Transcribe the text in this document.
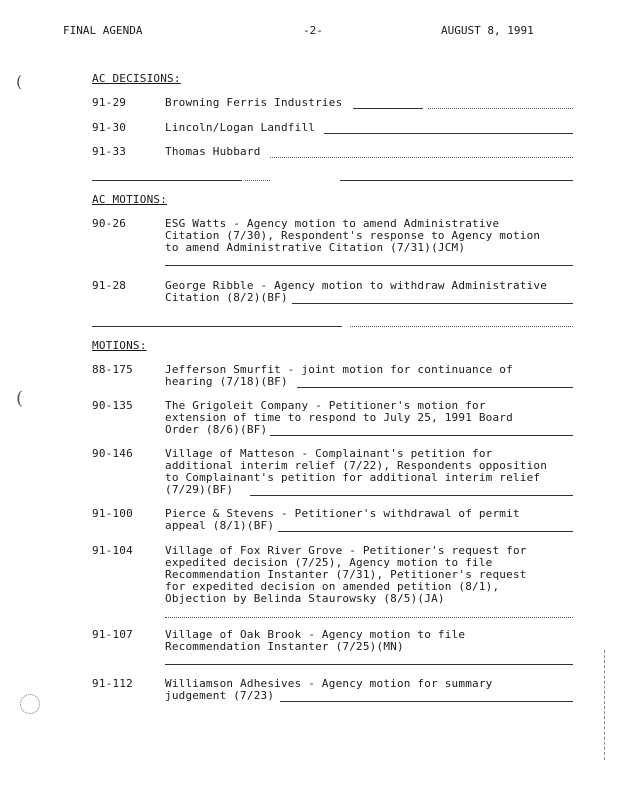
FINAL AGENDA	-2-	AUGUST 8, 1991
(
(
AC DECISIONS:
91-29	Browning Ferris Industries
91-30	Lincoln/Logan Landfill
91-33	Thomas Hubbard
AC MOTIONS:
90-26	ESG Watts - Agency motion to amend Administrative
Citation (7/30), Respondent's response to Agency motion
to amend Administrative Citation (7/31)(JCM)
91-28	George Ribble - Agency motion to withdraw Administrative
Citation (8/2)(BF)
MOTIONS:
88-175	Jefferson Smurfit - joint motion for continuance of
hearing (7/18)(BF)
90-135	The Grigoleit Company - Petitioner's motion for
extension of time to respond to July 25, 1991 Board
Order (8/6)(BF)
90-146	Village of Matteson - Complainant's petition for
additional interim relief (7/22), Respondents opposition
to Complainant's petition for additional interim relief
(7/29)(BF)
91-100	Pierce & Stevens - Petitioner's withdrawal of permit
appeal (8/1)(BF)
91-104	Village of Fox River Grove - Petitioner's request for
expedited decision (7/25), Agency motion to file
Recommendation Instanter (7/31), Petitioner's request
for expedited decision on amended petition (8/1),
Objection by Belinda Staurowsky (8/5)(JA)
91-107	Village of Oak Brook - Agency motion to file
Recommendation Instanter (7/25)(MN)
91-112	Williamson Adhesives - Agency motion for summary
judgement (7/23)
